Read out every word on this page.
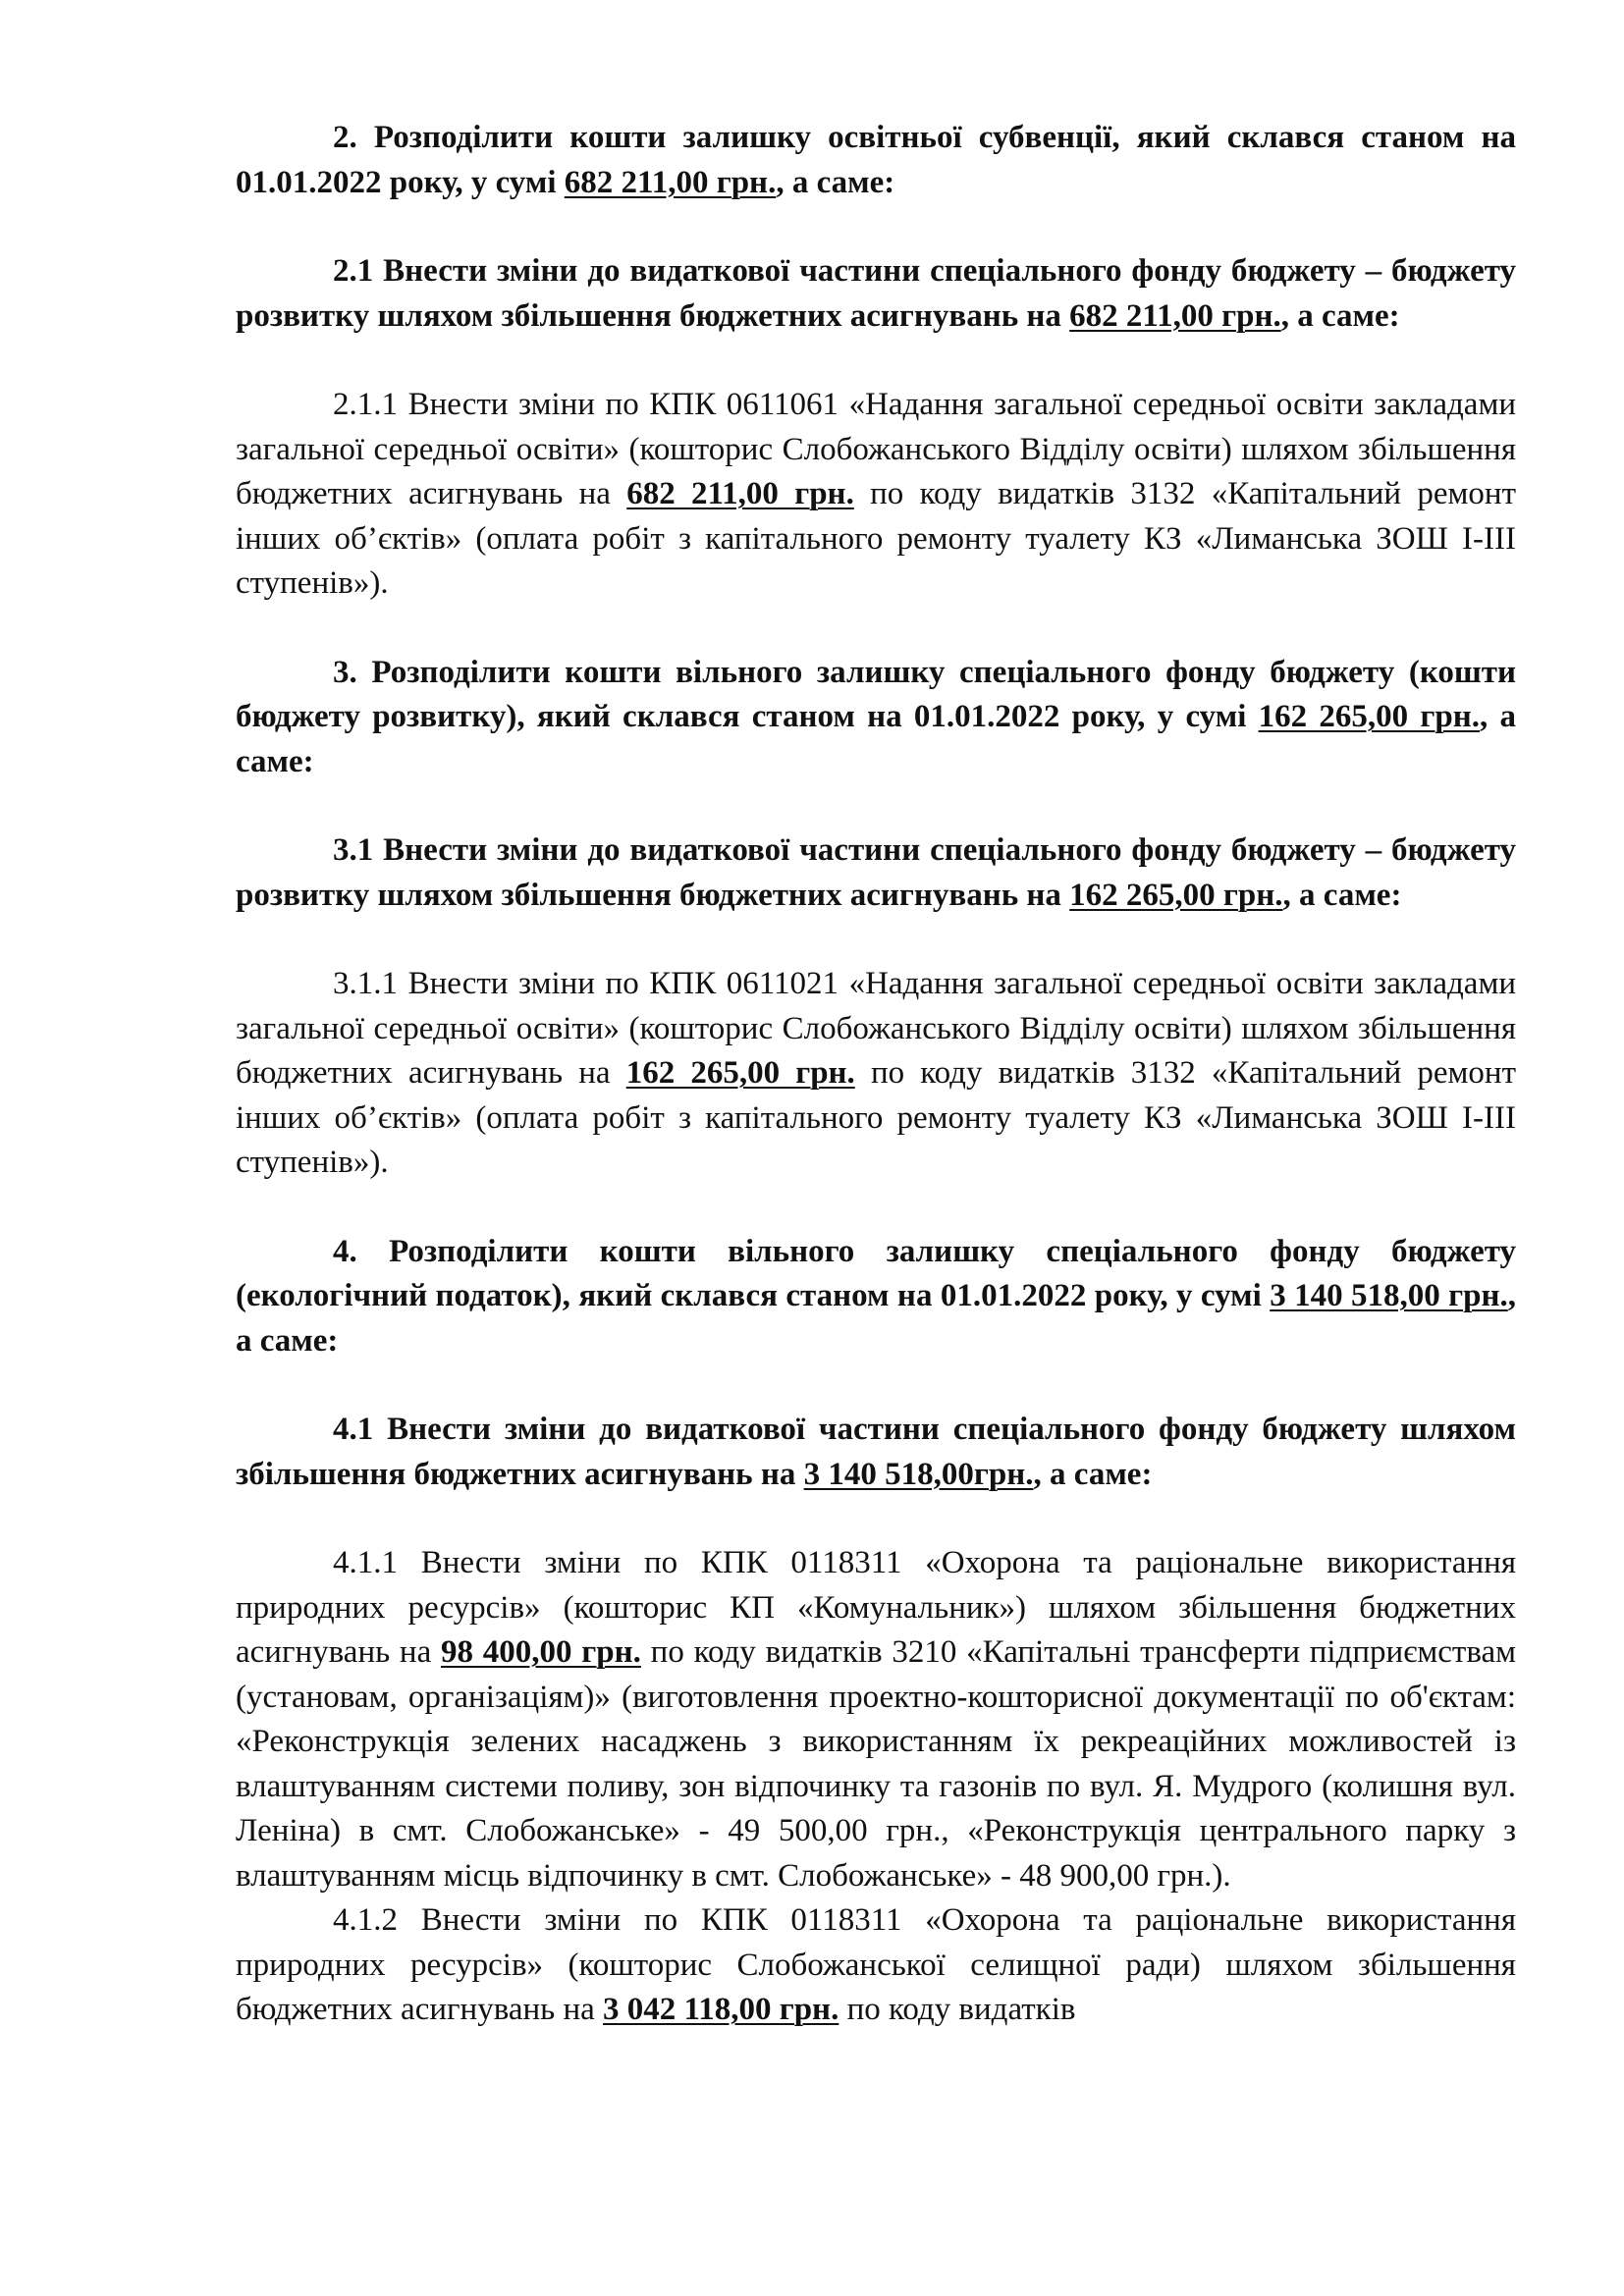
2. Розподілити кошти залишку освітньої субвенції, який склався станом на 01.01.2022 року, у сумі 682 211,00 грн., а саме:

2.1 Внести зміни до видаткової частини спеціального фонду бюджету – бюджету розвитку шляхом збільшення бюджетних асигнувань на 682 211,00 грн., а саме:

2.1.1 Внести зміни по КПК 0611061 «Надання загальної середньої освіти закладами загальної середньої освіти» (кошторис Слобожанського Відділу освіти) шляхом збільшення бюджетних асигнувань на 682 211,00 грн. по коду видатків 3132 «Капітальний ремонт інших об’єктів» (оплата робіт з капітального ремонту туалету КЗ «Лиманська ЗОШ І-ІІІ ступенів»).

3. Розподілити кошти вільного залишку спеціального фонду бюджету (кошти бюджету розвитку), який склався станом на 01.01.2022 року, у сумі 162 265,00 грн., а саме:

3.1 Внести зміни до видаткової частини спеціального фонду бюджету – бюджету розвитку шляхом збільшення бюджетних асигнувань на 162 265,00 грн., а саме:

3.1.1 Внести зміни по КПК 0611021 «Надання загальної середньої освіти закладами загальної середньої освіти» (кошторис Слобожанського Відділу освіти) шляхом збільшення бюджетних асигнувань на 162 265,00 грн. по коду видатків 3132 «Капітальний ремонт інших об’єктів» (оплата робіт з капітального ремонту туалету КЗ «Лиманська ЗОШ І-ІІІ ступенів»).

4. Розподілити кошти вільного залишку спеціального фонду бюджету (екологічний податок), який склався станом на 01.01.2022 року, у сумі 3 140 518,00 грн., а саме:

4.1 Внести зміни до видаткової частини спеціального фонду бюджету шляхом збільшення бюджетних асигнувань на 3 140 518,00грн., а саме:

4.1.1 Внести зміни по КПК 0118311 «Охорона та раціональне використання природних ресурсів» (кошторис КП «Комунальник») шляхом збільшення бюджетних асигнувань на 98 400,00 грн. по коду видатків 3210 «Капітальні трансферти підприємствам (установам, організаціям)» (виготовлення проектно-кошторисної документації по об'єктам: «Реконструкція зелених насаджень з використанням їх рекреаційних можливостей із влаштуванням системи поливу, зон відпочинку та газонів по вул. Я. Мудрого (колишня вул. Леніна) в смт. Слобожанське» - 49 500,00 грн., «Реконструкція центрального парку з влаштуванням місць відпочинку в смт. Слобожанське» - 48 900,00 грн.).

4.1.2 Внести зміни по КПК 0118311 «Охорона та раціональне використання природних ресурсів» (кошторис Слобожанської селищної ради) шляхом збільшення бюджетних асигнувань на 3 042 118,00 грн. по коду видатків
